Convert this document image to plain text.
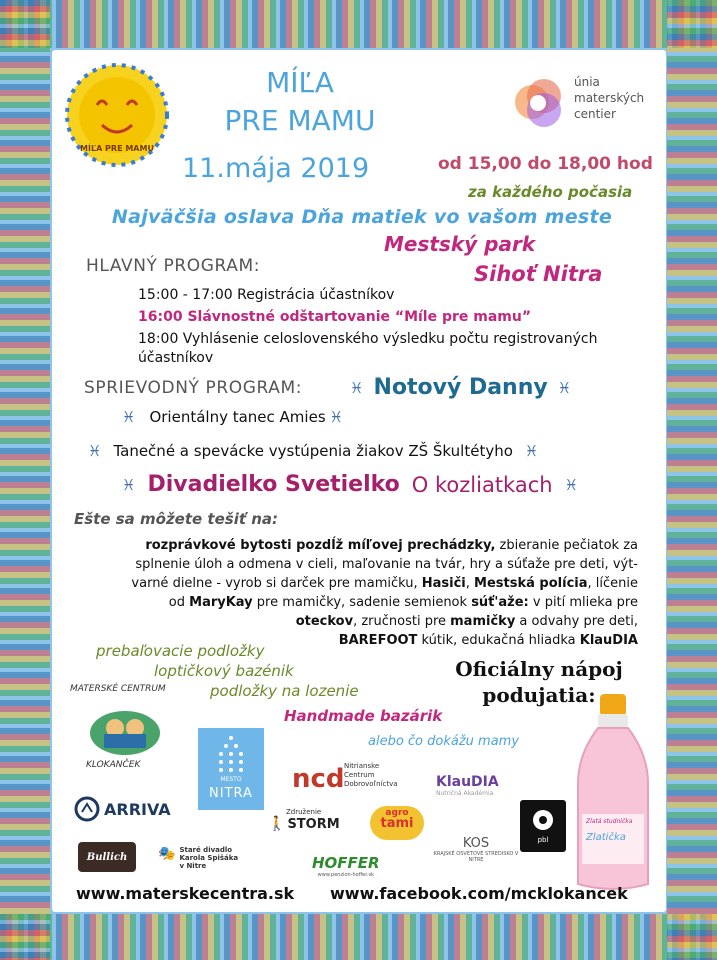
MÍĽA PRE MAMU
MÍĽA
PRE MAMU
11.mája 2019
únia
materských
centier
od 15,00 do 18,00 hod
za každého počasia
Najväčšia oslava Dňa matiek vo vašom meste
Mestský park
Sihoť Nitra
HLAVNÝ PROGRAM:
15:00 - 17:00 Registrácia účastníkov
16:00 Slávnostné odštartovanie “Míle pre mamu”
18:00 Vyhlásenie celoslovenského výsledku počtu registrovaných
účastníkov
SPRIEVODNÝ PROGRAM:	♓ Notový Danny ♓
♓ Orientálny tanec Amies ♓
♓ Tanečné a spevácke vystúpenia žiakov ZŠ Škultétyho ♓
♓ Divadielko Svetielko O kozliatkach ♓
Ešte sa môžete tešiť na:
rozprávkové bytosti pozdĺž míľovej prechádzky, zbieranie pečiatok za
splnenie úloh a odmena v cieli, maľovanie na tvár, hry a súťaže pre deti, výt-
varné dielne - vyrob si darček pre mamičku, Hasiči, Mestská polícia, líčenie
od MaryKay pre mamičky, sadenie semienok súť'aže: v pití mlieka pre
oteckov, zručnosti pre mamičky a odvahy pre deti,
BAREFOOT kútik, edukačná hliadka KlauDIA
prebaľovacie podložky
loptičkový bazénik
podložky na lozenie
Handmade bazárik
alebo čo dokážu mamy
Oficiálny nápoj
podujatia:
MATERSKÉ CENTRUM
KLOKANČEK
MESTO
NITRA	ncd Nitrianske
Centrum
Dobrovoľníctva	KlauDIA
Nutričná Akadémia
ARRIVA	Združenie
🚶 STORM
agro
tami
KOS
KRAJSKÉ OSVETOVÉ STREDISKO V NITRE
Bullich	🎭 Staré divadlo
Karola Spišáka
v Nitre	HOFFER
www.penzion-hoffer.sk
pbl
Zlatá studnička
Zlatička
www.materskecentra.sk www.facebook.com/mcklokancek
